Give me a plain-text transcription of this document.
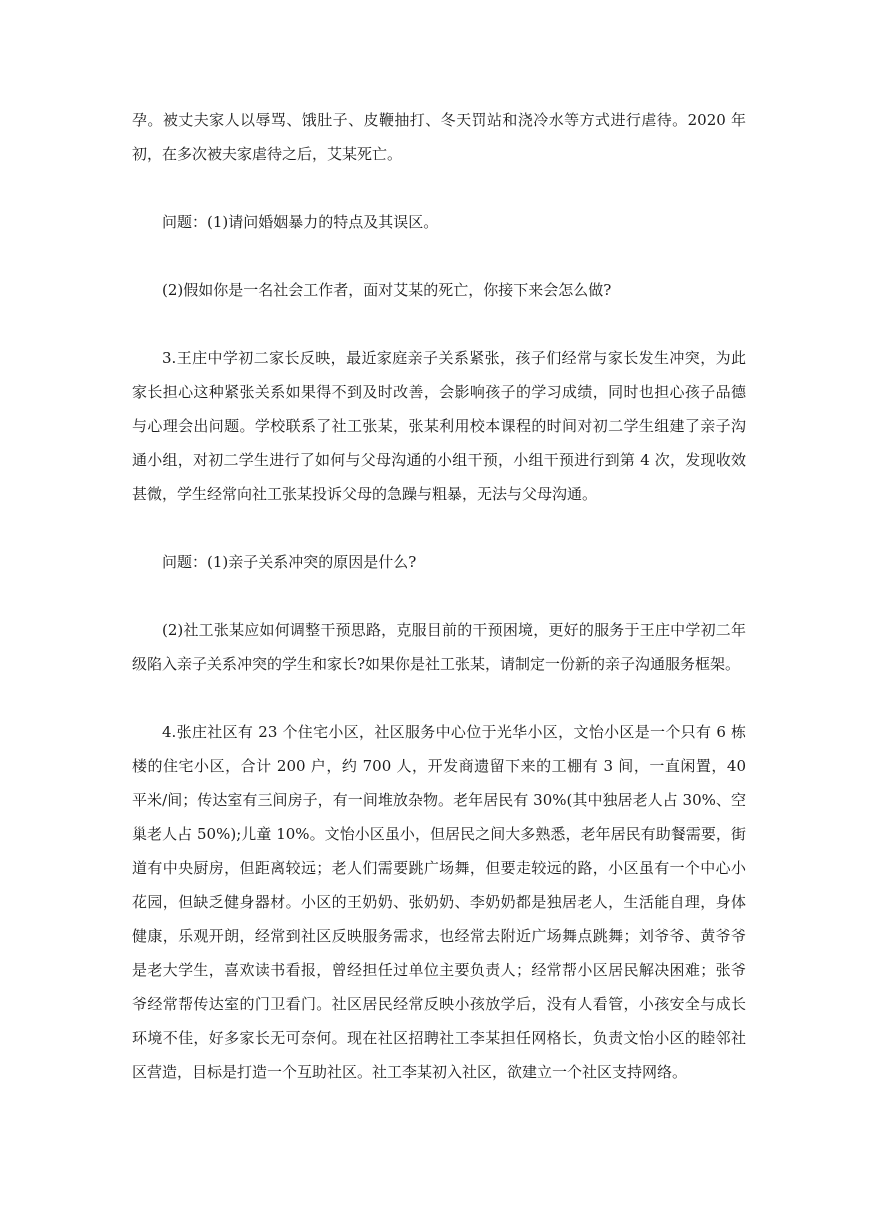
孕。被丈夫家人以辱骂、饿肚子、皮鞭抽打、冬天罚站和浇冷水等方式进行虐待。2020 年初，在多次被夫家虐待之后，艾某死亡。

问题：(1)请问婚姻暴力的特点及其误区。

(2)假如你是一名社会工作者，面对艾某的死亡，你接下来会怎么做?

3.王庄中学初二家长反映，最近家庭亲子关系紧张，孩子们经常与家长发生冲突，为此家长担心这种紧张关系如果得不到及时改善，会影响孩子的学习成绩，同时也担心孩子品德与心理会出问题。学校联系了社工张某，张某利用校本课程的时间对初二学生组建了亲子沟通小组，对初二学生进行了如何与父母沟通的小组干预，小组干预进行到第 4 次，发现收效甚微，学生经常向社工张某投诉父母的急躁与粗暴，无法与父母沟通。

问题：(1)亲子关系冲突的原因是什么?

(2)社工张某应如何调整干预思路，克服目前的干预困境，更好的服务于王庄中学初二年级陷入亲子关系冲突的学生和家长?如果你是社工张某，请制定一份新的亲子沟通服务框架。

4.张庄社区有 23 个住宅小区，社区服务中心位于光华小区，文怡小区是一个只有 6 栋楼的住宅小区，合计 200 户，约 700 人，开发商遗留下来的工棚有 3 间，一直闲置，40 平米/间；传达室有三间房子，有一间堆放杂物。老年居民有 30%(其中独居老人占 30%、空巢老人占 50%);儿童 10%。文怡小区虽小，但居民之间大多熟悉，老年居民有助餐需要，街道有中央厨房，但距离较远；老人们需要跳广场舞，但要走较远的路，小区虽有一个中心小花园，但缺乏健身器材。小区的王奶奶、张奶奶、李奶奶都是独居老人，生活能自理，身体健康，乐观开朗，经常到社区反映服务需求，也经常去附近广场舞点跳舞；刘爷爷、黄爷爷是老大学生，喜欢读书看报，曾经担任过单位主要负责人；经常帮小区居民解决困难；张爷爷经常帮传达室的门卫看门。社区居民经常反映小孩放学后，没有人看管，小孩安全与成长环境不佳，好多家长无可奈何。现在社区招聘社工李某担任网格长，负责文怡小区的睦邻社区营造，目标是打造一个互助社区。社工李某初入社区，欲建立一个社区支持网络。
